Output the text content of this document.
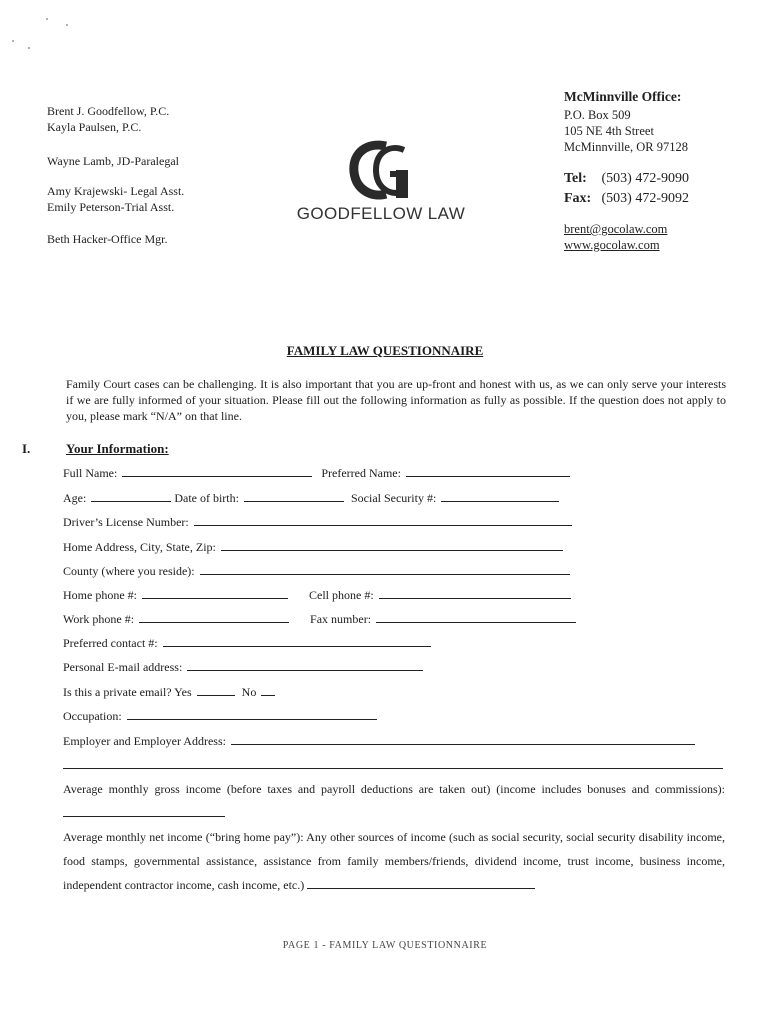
Brent J. Goodfellow, P.C.
Kayla Paulsen, P.C.
Wayne Lamb, JD-Paralegal
Amy Krajewski- Legal Asst.
Emily Peterson-Trial Asst.
Beth Hacker-Office Mgr.
GOODFELLOW LAW
McMinnville Office:
P.O. Box 509
105 NE 4th Street
McMinnville, OR 97128
Tel: (503) 472-9090
Fax: (503) 472-9092
brent@gocolaw.com
www.gocolaw.com
FAMILY LAW QUESTIONNAIRE
Family Court cases can be challenging. It is also important that you are up-front and honest with us, as we can only serve your interests if we are fully informed of your situation. Please fill out the following information as fully as possible. If the question does not apply to you, please mark “N/A” on that line.
I.	Your Information:
Full Name:	Preferred Name:
Age:	Date of birth:	Social Security #:
Driver’s License Number:
Home Address, City, State, Zip:
County (where you reside):
Home phone #:	Cell phone #:
Work phone #:	Fax number:
Preferred contact #:
Personal E-mail address:
Is this a private email? Yes	No
Occupation:
Employer and Employer Address:
Average monthly gross income (before taxes and payroll deductions are taken out) (income includes bonuses and commissions):
Average monthly net income (“bring home pay”): Any other sources of income (such as social security, social security disability income, food stamps, governmental assistance, assistance from family members/friends, dividend income, trust income, business income, independent contractor income, cash income, etc.)
PAGE 1 - FAMILY LAW QUESTIONNAIRE
